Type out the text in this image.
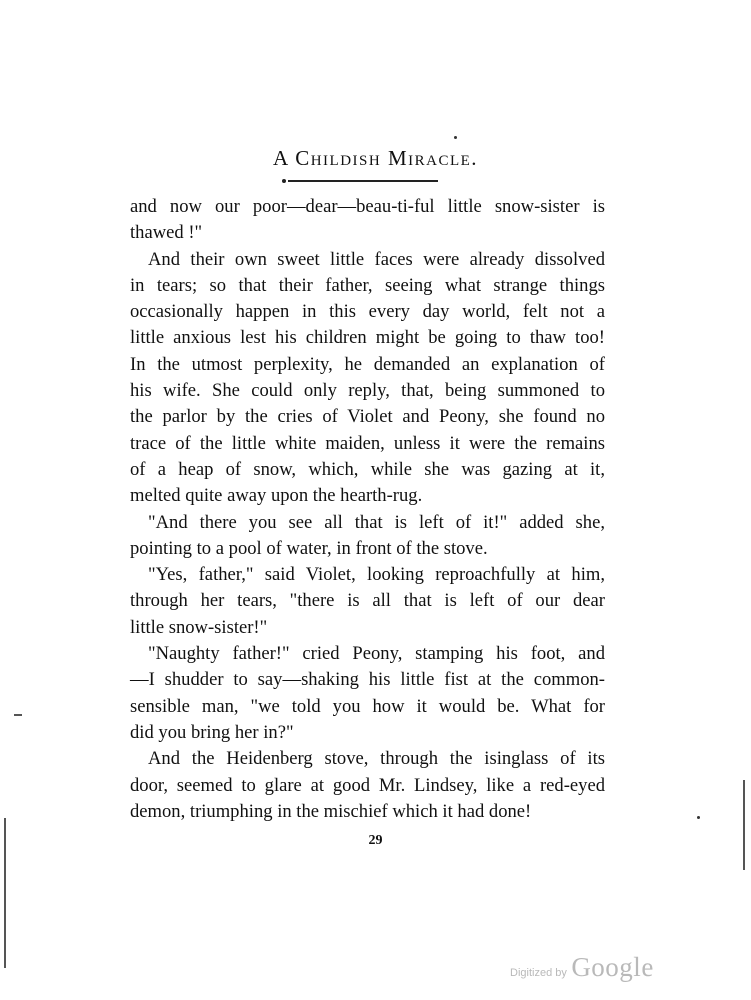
A Childish Miracle.
and now our poor—dear—beau-ti-ful little snow-sister is
thawed !"
And their own sweet little faces were already dissolved
in tears; so that their father, seeing what strange things
occasionally happen in this every day world, felt not a
little anxious lest his children might be going to thaw too!
In the utmost perplexity, he demanded an explanation of
his wife. She could only reply, that, being summoned to
the parlor by the cries of Violet and Peony, she found no
trace of the little white maiden, unless it were the remains
of a heap of snow, which, while she was gazing at it,
melted quite away upon the hearth-rug.
"And there you see all that is left of it!" added she,
pointing to a pool of water, in front of the stove.
"Yes, father," said Violet, looking reproachfully at him,
through her tears, "there is all that is left of our dear
little snow-sister!"
"Naughty father!" cried Peony, stamping his foot, and
—I shudder to say—shaking his little fist at the common-
sensible man, "we told you how it would be. What for
did you bring her in?"
And the Heidenberg stove, through the isinglass of its
door, seemed to glare at good Mr. Lindsey, like a red-eyed
demon, triumphing in the mischief which it had done!
29
Digitized by Google
